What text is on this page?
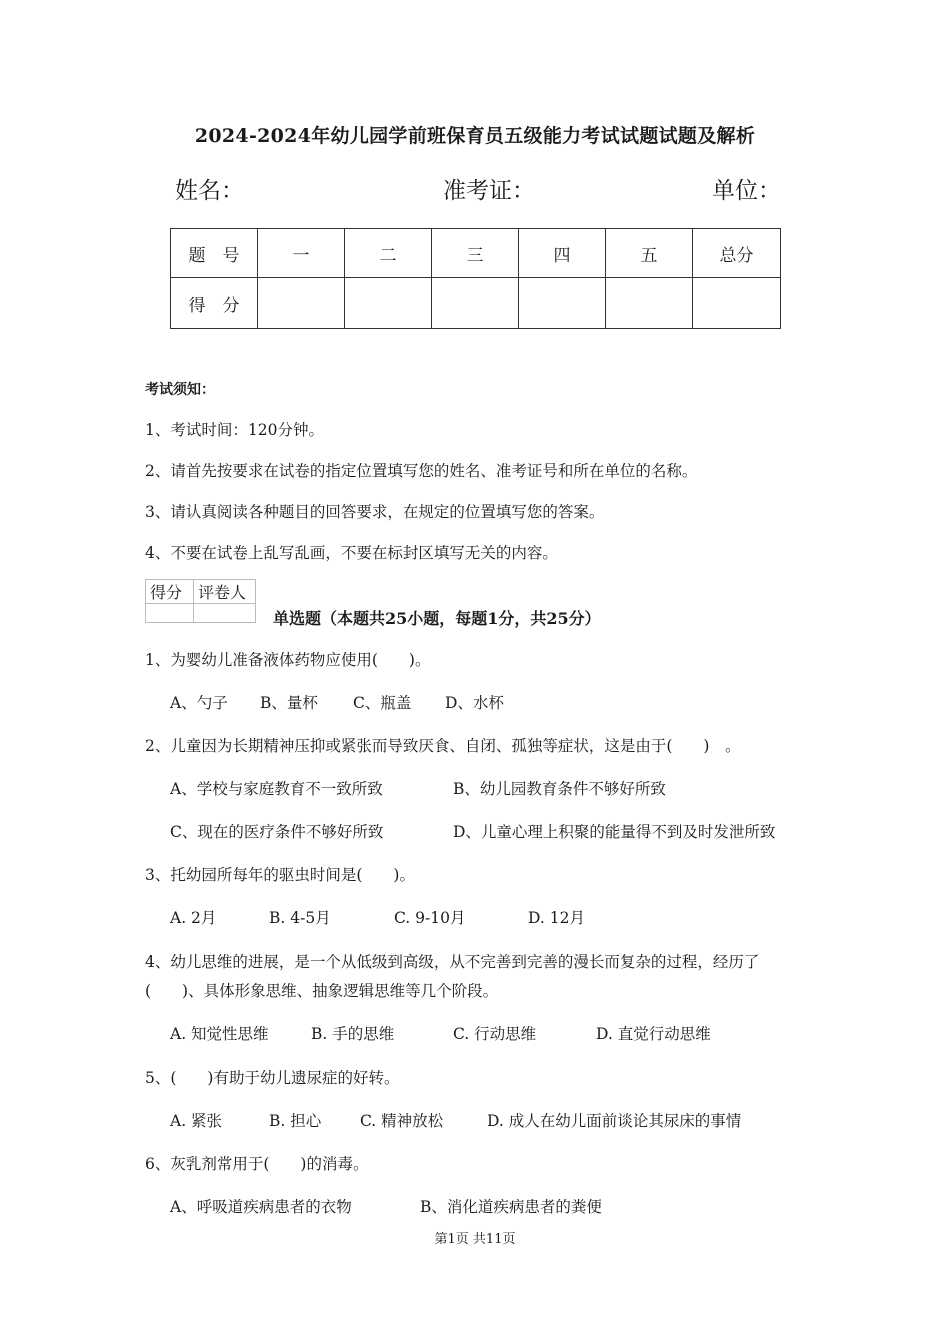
2024-2024年幼儿园学前班保育员五级能力考试试题试题及解析
姓名：	准考证：	单位：
题　号	一	二	三	四	五	总分
得　分						
考试须知：
1、考试时间：120分钟。
2、请首先按要求在试卷的指定位置填写您的姓名、准考证号和所在单位的名称。
3、请认真阅读各种题目的回答要求，在规定的位置填写您的答案。
4、不要在试卷上乱写乱画，不要在标封区填写无关的内容。
得分	评卷人

单选题（本题共25小题，每题1分，共25分）
1、为婴幼儿准备液体药物应使用(　　)。
A、勺子 B、量杯 C、瓶盖 D、水杯
2、儿童因为长期精神压抑或紧张而导致厌食、自闭、孤独等症状，这是由于(　　)　。
A、学校与家庭教育不一致所致	B、幼儿园教育条件不够好所致
C、现在的医疗条件不够好所致	D、儿童心理上积聚的能量得不到及时发泄所致
3、托幼园所每年的驱虫时间是(　　)。
A. 2月	B. 4-5月	C. 9-10月	D. 12月
4、幼儿思维的进展，是一个从低级到高级，从不完善到完善的漫长而复杂的过程，经历了
(　　)、具体形象思维、抽象逻辑思维等几个阶段。
A. 知觉性思维	B. 手的思维	C. 行动思维	D. 直觉行动思维
5、(　　)有助于幼儿遗尿症的好转。
A. 紧张	B. 担心	C. 精神放松	D. 成人在幼儿面前谈论其尿床的事情
6、灰乳剂常用于(　　)的消毒。
A、呼吸道疾病患者的衣物	B、消化道疾病患者的粪便
第1页 共11页
